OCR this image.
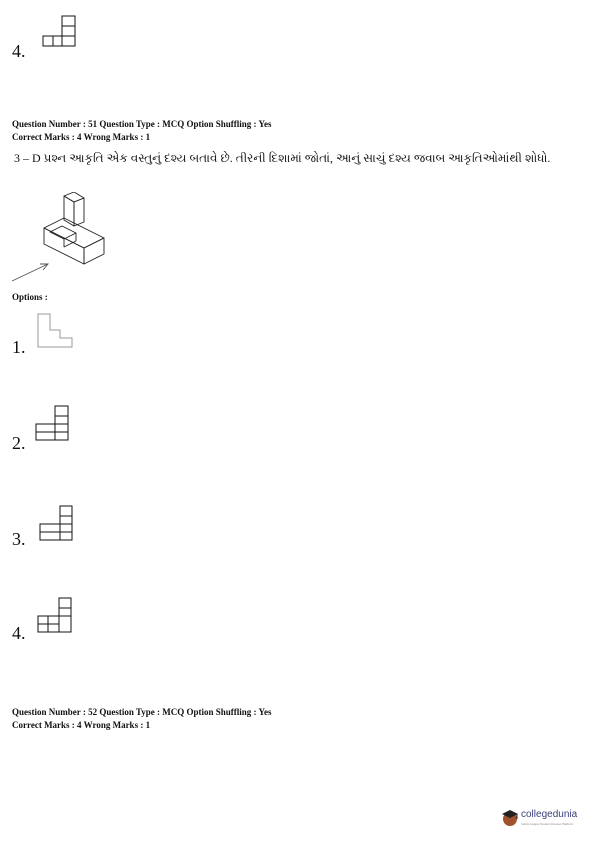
4.
Question Number : 51 Question Type : MCQ Option Shuffling : Yes
Correct Marks : 4 Wrong Marks : 1
3 – D પ્રશ્ન આકૃતિ એક વસ્તુનું દશ્ય બતાવે છે. તીરની દિશામાં જોતાં, આનું સાચું દશ્ય જવાબ આકૃતિઓમાંથી શોધો.
Options :
1.
2.
3.
4.
Question Number : 52 Question Type : MCQ Option Shuffling : Yes
Correct Marks : 4 Wrong Marks : 1
collegedunia
India's largest Student Review Platform
